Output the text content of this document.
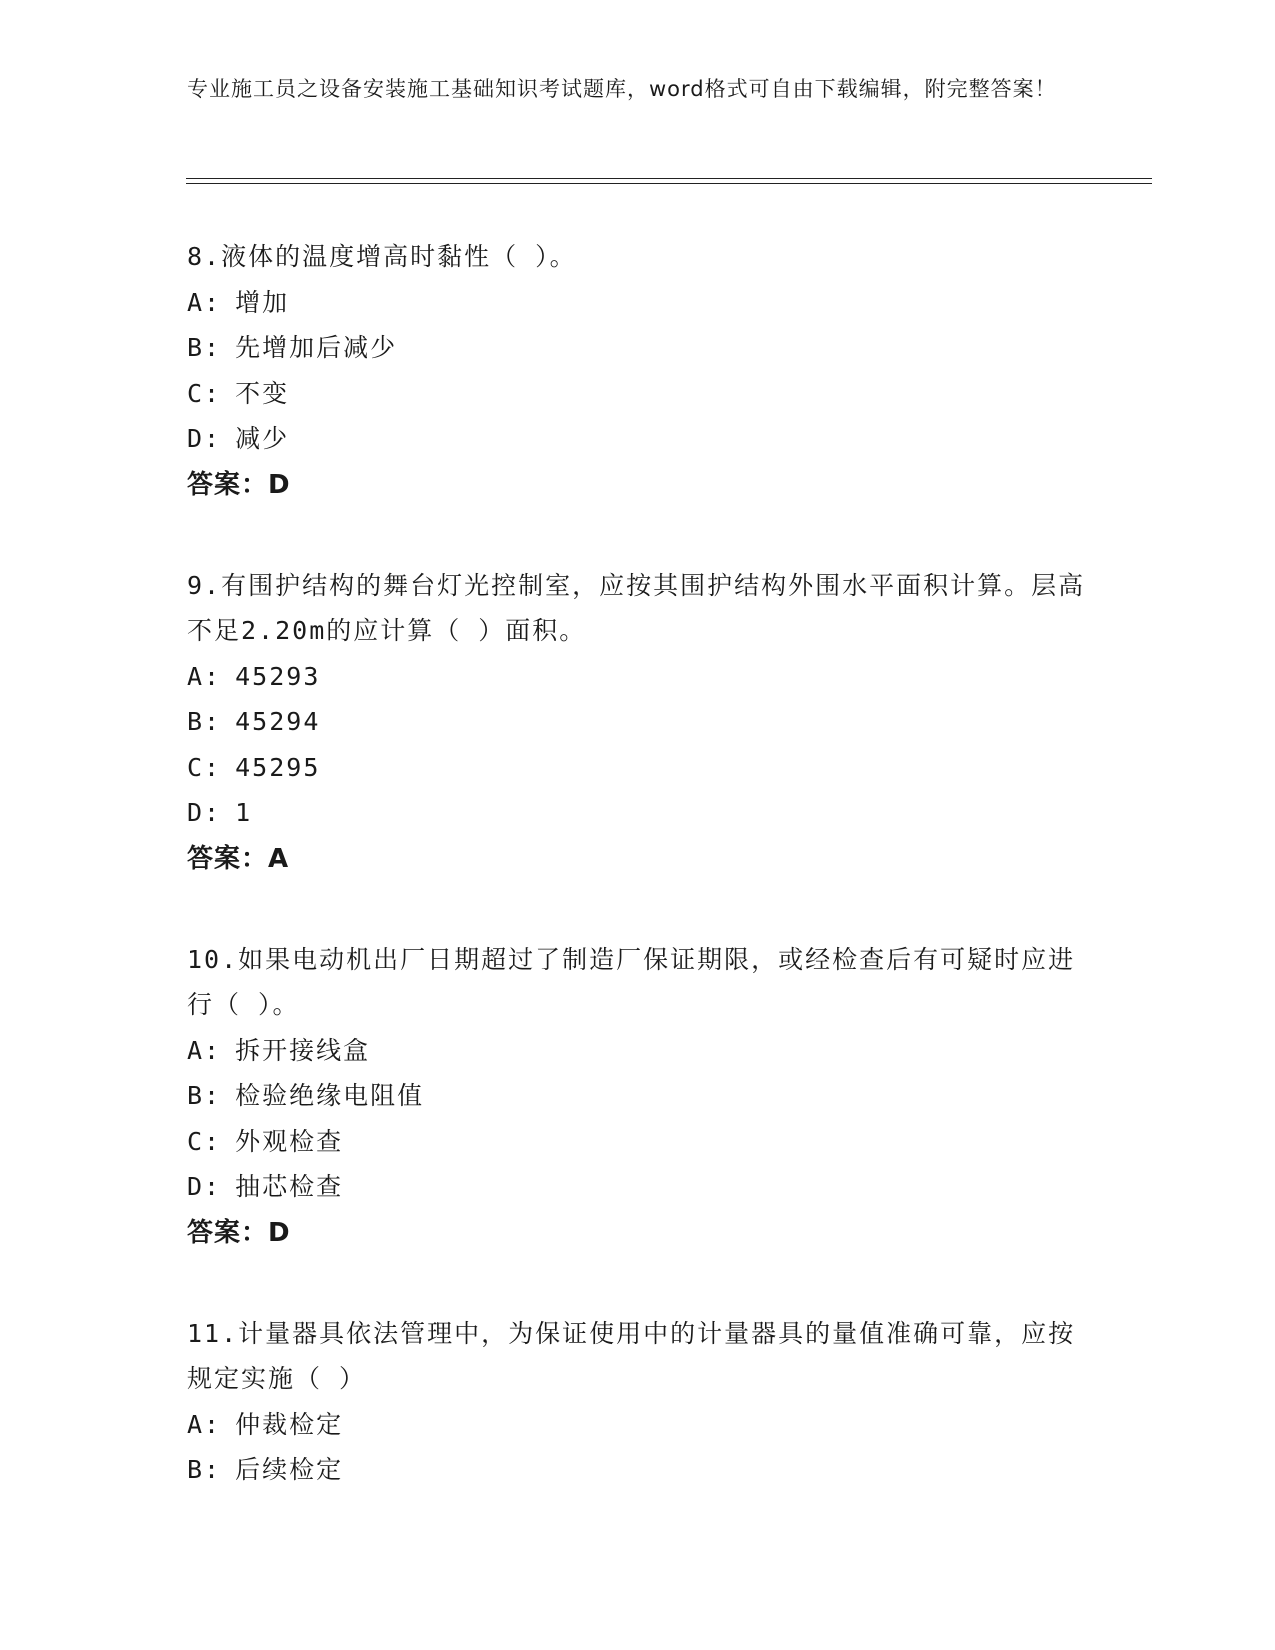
专业施工员之设备安装施工基础知识考试题库，word格式可自由下载编辑，附完整答案！
8.液体的温度增高时黏性（ ）。
A: 增加
B: 先增加后减少
C: 不变
D: 减少
答案：D
9.有围护结构的舞台灯光控制室，应按其围护结构外围水平面积计算。层高不足2.20m的应计算（ ）面积。
A: 45293
B: 45294
C: 45295
D: 1
答案：A
10.如果电动机出厂日期超过了制造厂保证期限，或经检查后有可疑时应进行（ ）。
A: 拆开接线盒
B: 检验绝缘电阻值
C: 外观检查
D: 抽芯检查
答案：D
11.计量器具依法管理中，为保证使用中的计量器具的量值准确可靠，应按规定实施（ ）
A: 仲裁检定
B: 后续检定
